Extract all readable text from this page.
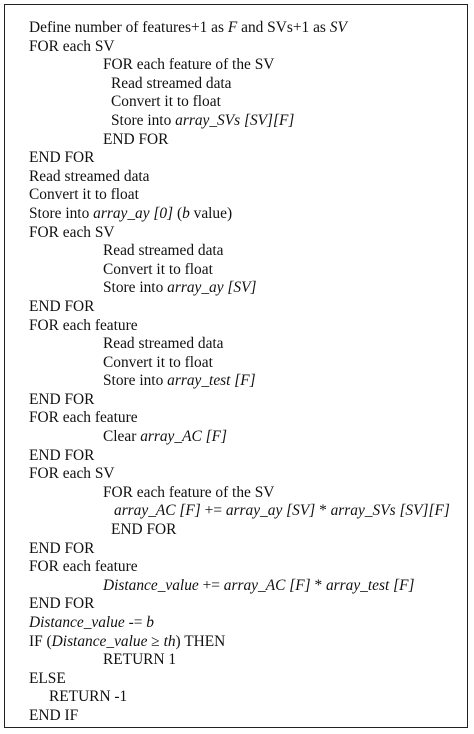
Define number of features+1 as F and SVs+1 as SV
FOR each SV
FOR each feature of the SV
Read streamed data
Convert it to float
Store into array_SVs [SV][F]
END FOR
END FOR
Read streamed data
Convert it to float
Store into array_ay [0] (b value)
FOR each SV
Read streamed data
Convert it to float
Store into array_ay [SV]
END FOR
FOR each feature
Read streamed data
Convert it to float
Store into array_test [F]
END FOR
FOR each feature
Clear array_AC [F]
END FOR
FOR each SV
FOR each feature of the SV
array_AC [F] += array_ay [SV] * array_SVs [SV][F]
END FOR
END FOR
FOR each feature
Distance_value += array_AC [F] * array_test [F]
END FOR
Distance_value -= b
IF (Distance_value ≥ th) THEN
RETURN 1
ELSE
RETURN -1
END IF
